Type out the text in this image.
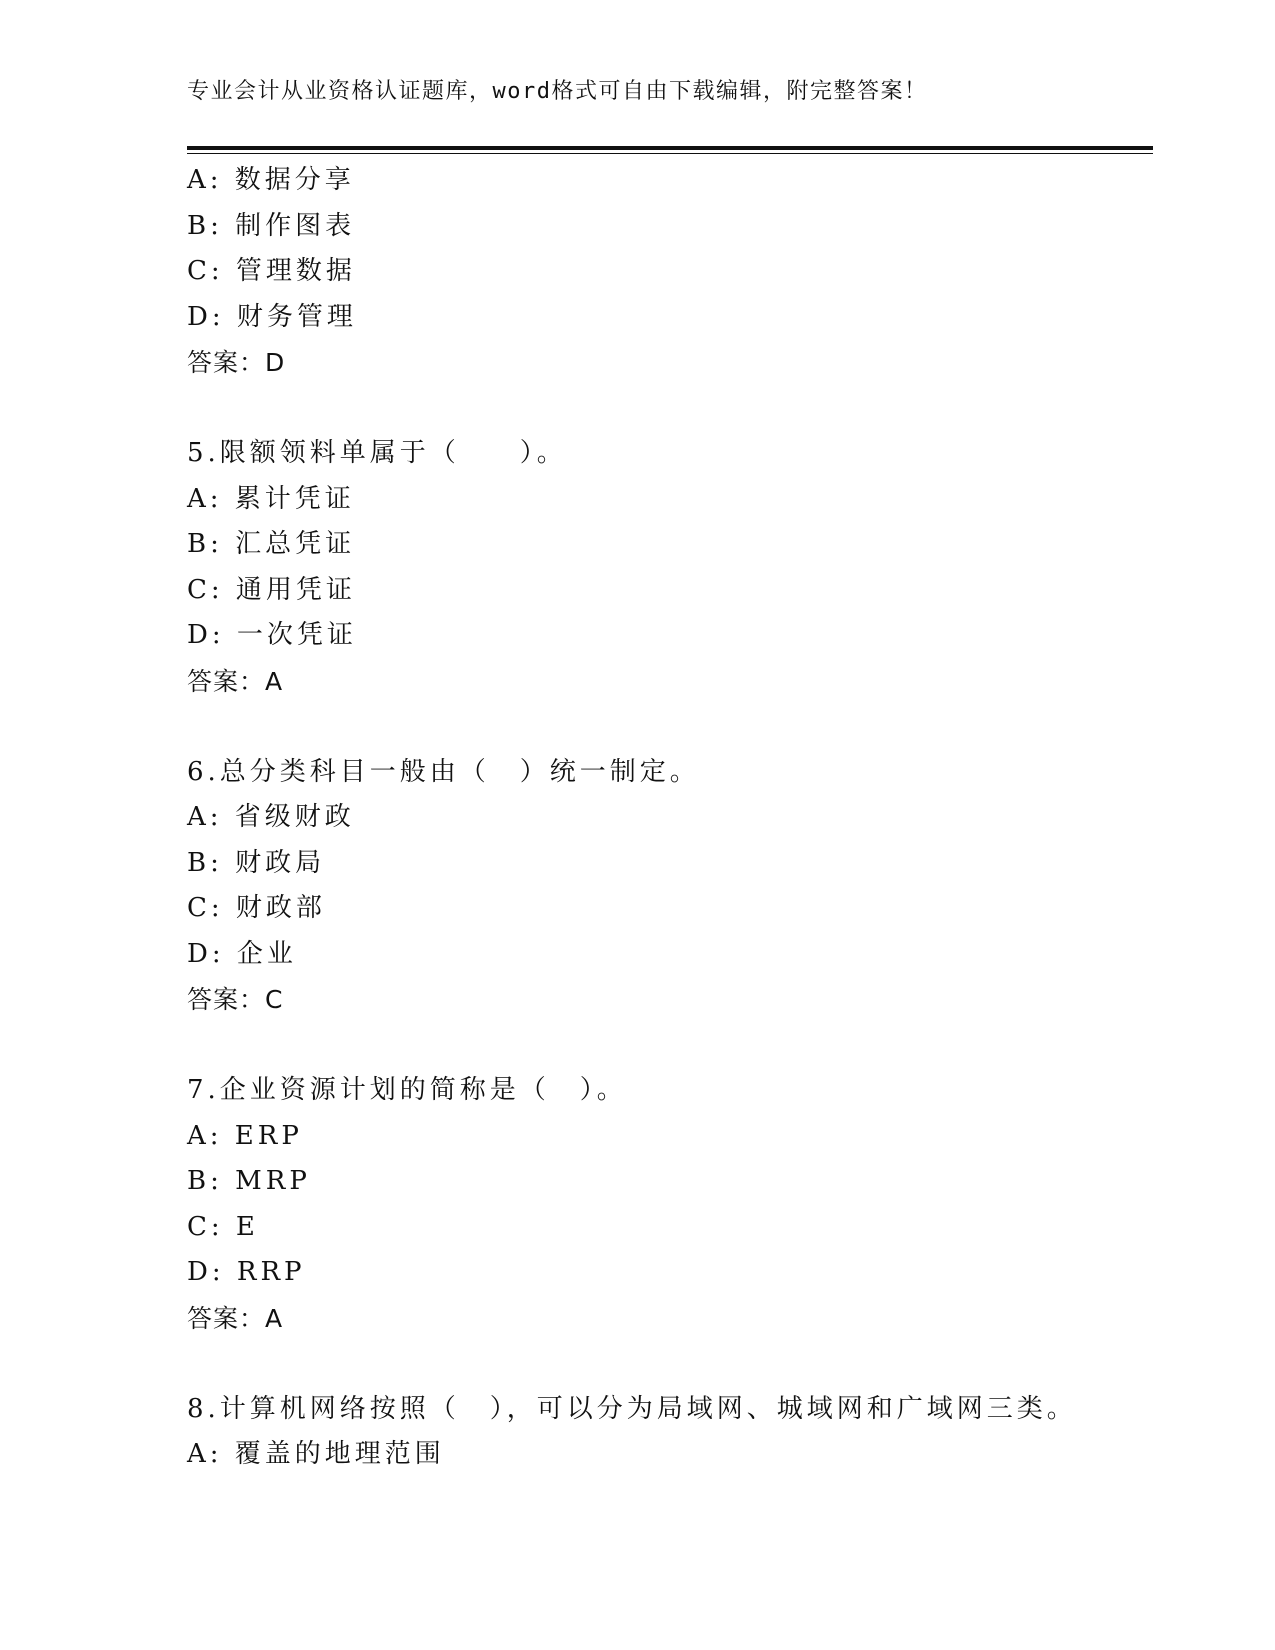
专业会计从业资格认证题库，word格式可自由下载编辑，附完整答案！
A: 数据分享
B: 制作图表
C: 管理数据
D: 财务管理
答案：D
5.限额领料单属于（　　）。
A: 累计凭证
B: 汇总凭证
C: 通用凭证
D: 一次凭证
答案：A
6.总分类科目一般由（　）统一制定。
A: 省级财政
B: 财政局
C: 财政部
D: 企业
答案：C
7.企业资源计划的简称是（　）。
A: ERP
B: MRP
C: E
D: RRP
答案：A
8.计算机网络按照（　），可以分为局域网、城域网和广域网三类。
A: 覆盖的地理范围
